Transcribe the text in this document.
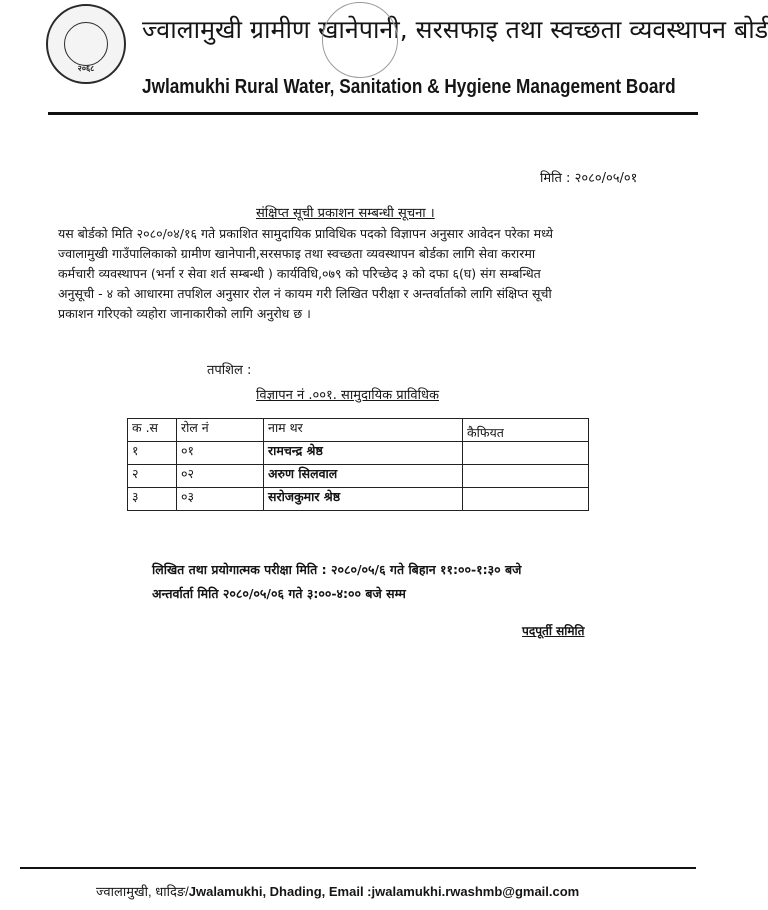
२०६८
ज्वालामुखी ग्रामीण खानेपानी, सरसफाइ तथा स्वच्छता व्यवस्थापन बोर्ड
Jwlamukhi Rural Water, Sanitation & Hygiene Management Board
मिति : २०८०/०५/०१
संक्षिप्त सूची प्रकाशन सम्बन्धी सूचना ।
यस बोर्डको मिति २०८०/०४/१६ गते प्रकाशित सामुदायिक प्राविधिक पदको विज्ञापन अनुसार आवेदन परेका मध्ये
ज्वालामुखी गाउँपालिकाको ग्रामीण खानेपानी,सरसफाइ तथा स्वच्छता व्यवस्थापन बोर्डका लागि सेवा करारमा
कर्मचारी व्यवस्थापन (भर्ना र सेवा शर्त सम्बन्धी ) कार्यविधि,०७९ को परिच्छेद ३ को दफा ६(घ) संग सम्बन्धित
अनुसूची - ४ को आधारमा तपशिल अनुसार रोल नं कायम गरी लिखित परीक्षा र अन्तर्वार्ताको लागि संक्षिप्त सूची
प्रकाशन गरिएको व्यहोरा जानाकारीको लागि अनुरोध छ ।
तपशिल :
विज्ञापन नं .००१. सामुदायिक प्राविधिक
क .स	रोल नं	नाम थर	कैफियत
१	०१	रामचन्द्र श्रेष्ठ	
२	०२	अरुण सिलवाल	
३	०३	सरोजकुमार श्रेष्ठ	
लिखित तथा प्रयोगात्मक परीक्षा मिति : २०८०/०५/६ गते बिहान ११:००-१:३० बजे
अन्तर्वार्ता मिति २०८०/०५/०६ गते ३:००-४:०० बजे सम्म
पदपूर्ती समिति
ज्वालामुखी, धादिङ/Jwalamukhi, Dhading, Email :jwalamukhi.rwashmb@gmail.com
